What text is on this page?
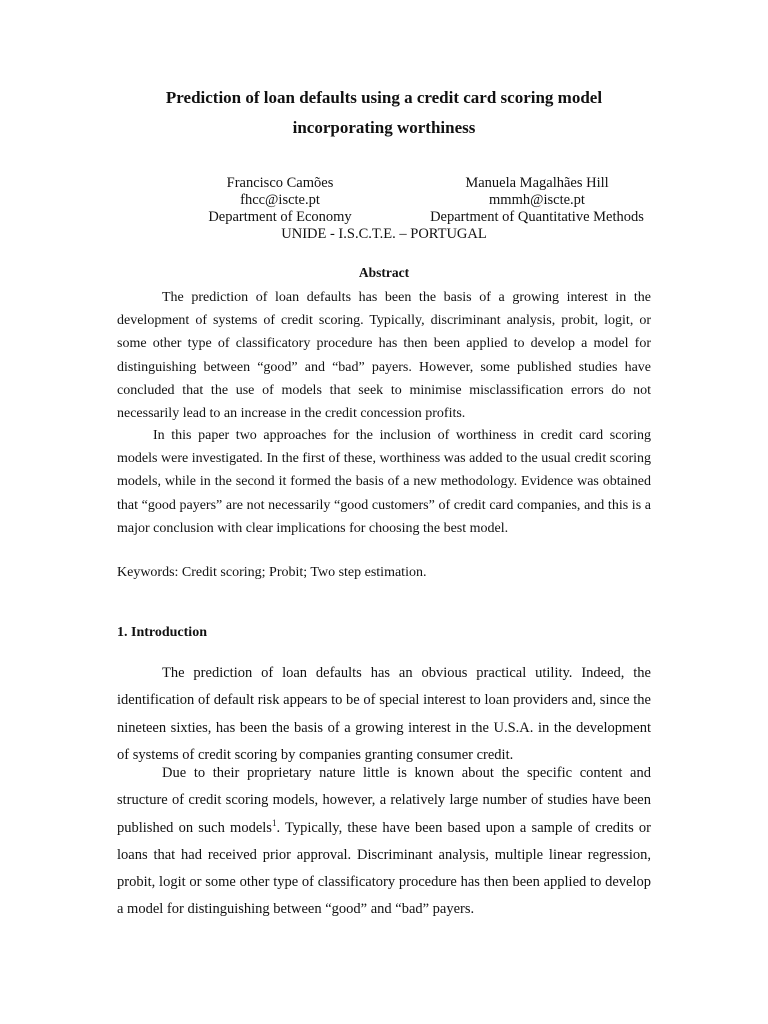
Prediction of loan defaults using a credit card scoring model
incorporating worthiness
Francisco Camões
fhcc@iscte.pt
Department of Economy
Manuela Magalhães Hill
mmmh@iscte.pt
Department of Quantitative Methods
UNIDE - I.S.C.T.E. – PORTUGAL
Abstract

The prediction of loan defaults has been the basis of a growing interest in the development of systems of credit scoring. Typically, discriminant analysis, probit, logit, or some other type of classificatory procedure has then been applied to develop a model for distinguishing between “good” and “bad” payers. However, some published studies have concluded that the use of models that seek to minimise misclassification errors do not necessarily lead to an increase in the credit concession profits.

In this paper two approaches for the inclusion of worthiness in credit card scoring models were investigated. In the first of these, worthiness was added to the usual credit scoring models, while in the second it formed the basis of a new methodology. Evidence was obtained that “good payers” are not necessarily “good customers” of credit card companies, and this is a major conclusion with clear implications for choosing the best model.

Keywords: Credit scoring; Probit; Two step estimation.
1. Introduction

The prediction of loan defaults has an obvious practical utility. Indeed, the identification of default risk appears to be of special interest to loan providers and, since the nineteen sixties, has been the basis of a growing interest in the U.S.A. in the development of systems of credit scoring by companies granting consumer credit.

Due to their proprietary nature little is known about the specific content and structure of credit scoring models, however, a relatively large number of studies have been published on such models$^1$. Typically, these have been based upon a sample of credits or loans that had received prior approval. Discriminant analysis, multiple linear regression, probit, logit or some other type of classificatory procedure has then been applied to develop a model for distinguishing between “good” and “bad” payers.
